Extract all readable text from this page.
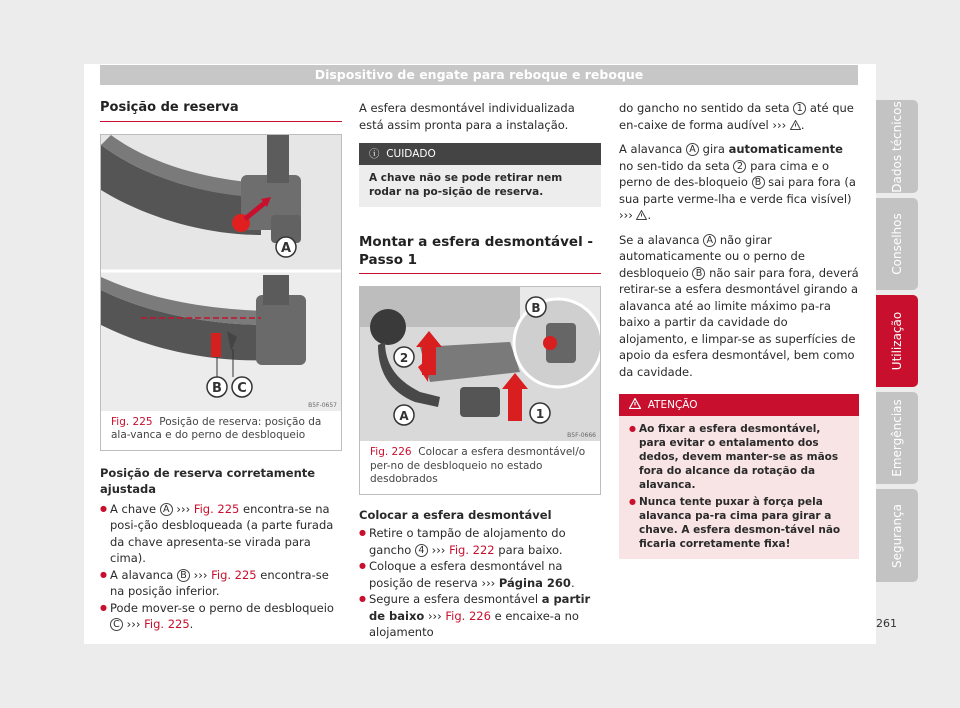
Dispositivo de engate para reboque e reboque
Dados técnicos
Conselhos
Utilização
Emergências
Segurança
261
Posição de reserva
A
B C
B5F-0657
Fig. 225 Posição de reserva: posição da ala-vanca e do perno de desbloqueio
Posição de reserva corretamente ajustada
● A chave A ››› Fig. 225 encontra-se na posi-ção desbloqueada (a parte furada da chave apresenta-se virada para cima).
● A alavanca B ››› Fig. 225 encontra-se na posição inferior.
● Pode mover-se o perno de desbloqueio C ››› Fig. 225.
A esfera desmontável individualizada está assim pronta para a instalação.
ⓘ CUIDADO
A chave não se pode retirar nem rodar na po-sição de reserva.
Montar a esfera desmontável - Passo 1
2
A	1
B
B5F-0666
Fig. 226 Colocar a esfera desmontável/o per-no de desbloqueio no estado desdobrados
Colocar a esfera desmontável
● Retire o tampão de alojamento do gancho 4 ››› Fig. 222 para baixo.
● Coloque a esfera desmontável na posição de reserva ››› Página 260.
● Segure a esfera desmontável a partir de baixo ››› Fig. 226 e encaixe-a no alojamento
do gancho no sentido da seta 1 até que en-caixe de forma audível ››› .
A alavanca A gira automaticamente no sen-tido da seta 2 para cima e o perno de des-bloqueio B sai para fora (a sua parte verme-lha e verde fica visível) ››› .
Se a alavanca A não girar automaticamente ou o perno de desbloqueio B não sair para fora, deverá retirar-se a esfera desmontável girando a alavanca até ao limite máximo pa-ra baixo a partir da cavidade do alojamento, e limpar-se as superfícies de apoio da esfera desmontável, bem como da cavidade.
ATENÇÃO
● Ao fixar a esfera desmontável, para evitar o entalamento dos dedos, devem manter-se as mãos fora do alcance da rotação da alavanca.
● Nunca tente puxar à força pela alavanca pa-ra cima para girar a chave. A esfera desmon-tável não ficaria corretamente fixa!
